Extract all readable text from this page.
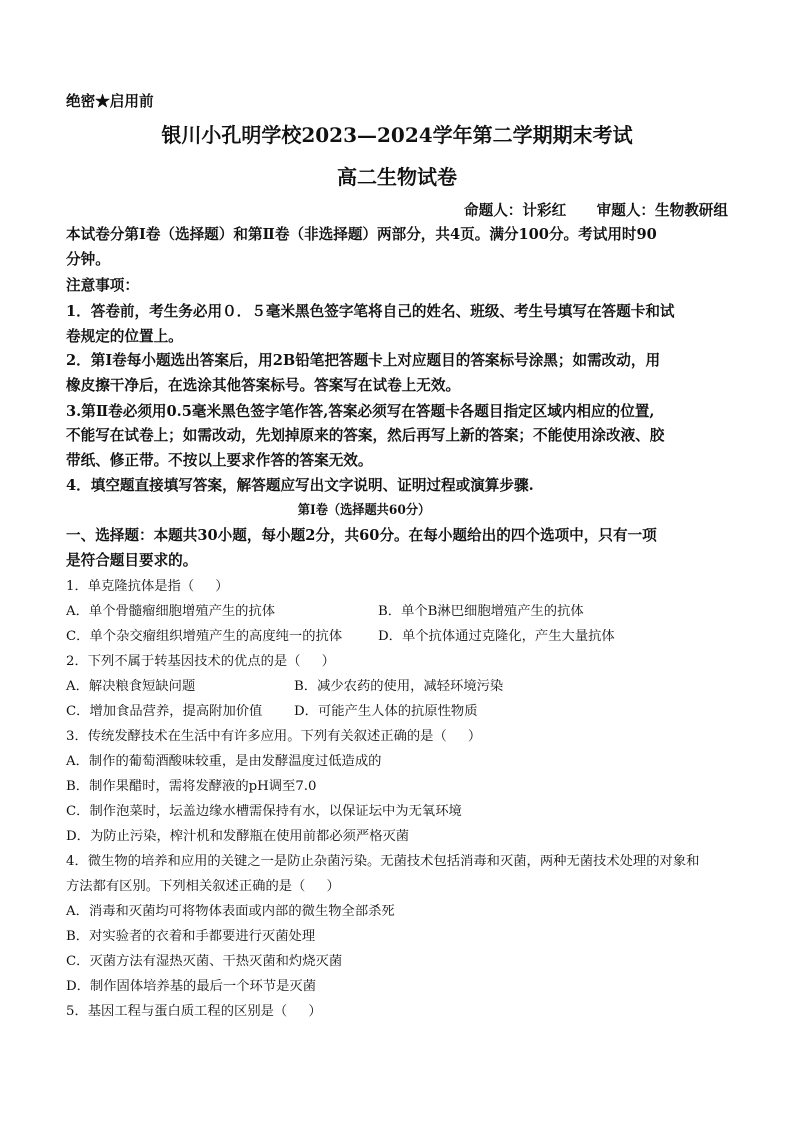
绝密★启用前
银川小孔明学校2023—2024学年第二学期期末考试
高二生物试卷
命题人：计彩红      审题人：生物教研组
本试卷分第Ⅰ卷（选择题）和第Ⅱ卷（非选择题）两部分，共4页。满分100分。考试用时90
分钟。
注意事项：
1．答卷前，考生务必用０．５毫米黑色签字笔将自己的姓名、班级、考生号填写在答题卡和试
卷规定的位置上。
2．第Ⅰ卷每小题选出答案后，用2B铅笔把答题卡上对应题目的答案标号涂黑；如需改动，用
橡皮擦干净后，在选涂其他答案标号。答案写在试卷上无效。
3.第Ⅱ卷必须用0.5毫米黑色签字笔作答,答案必须写在答题卡各题目指定区域内相应的位置,
不能写在试卷上；如需改动，先划掉原来的答案，然后再写上新的答案；不能使用涂改液、胶
带纸、修正带。不按以上要求作答的答案无效。
4．填空题直接填写答案，解答题应写出文字说明、证明过程或演算步骤.
第Ⅰ卷（选择题共60分）
一、选择题：本题共30小题，每小题2分，共60分。在每小题给出的四个选项中，只有一项
是符合题目要求的。
1．单克隆抗体是指（     ）
A．单个骨髓瘤细胞增殖产生的抗体	B．单个B淋巴细胞增殖产生的抗体
C．单个杂交瘤组织增殖产生的高度纯一的抗体	D．单个抗体通过克隆化，产生大量抗体
2．下列不属于转基因技术的优点的是（     ）
A．解决粮食短缺问题	B．减少农药的使用，减轻环境污染
C．增加食品营养，提高附加价值 D．可能产生人体的抗原性物质
3．传统发酵技术在生活中有许多应用。下列有关叙述正确的是（     ）
A．制作的葡萄酒酸味较重，是由发酵温度过低造成的
B．制作果醋时，需将发酵液的pH调至7.0
C．制作泡菜时，坛盖边缘水槽需保持有水，以保证坛中为无氧环境
D．为防止污染，榨汁机和发酵瓶在使用前都必须严格灭菌
4．微生物的培养和应用的关键之一是防止杂菌污染。无菌技术包括消毒和灭菌，两种无菌技术处理的对象和
方法都有区别。下列相关叙述正确的是（     ）
A．消毒和灭菌均可将物体表面或内部的微生物全部杀死
B．对实验者的衣着和手都要进行灭菌处理
C．灭菌方法有湿热灭菌、干热灭菌和灼烧灭菌
D．制作固体培养基的最后一个环节是灭菌
5．基因工程与蛋白质工程的区别是（     ）
